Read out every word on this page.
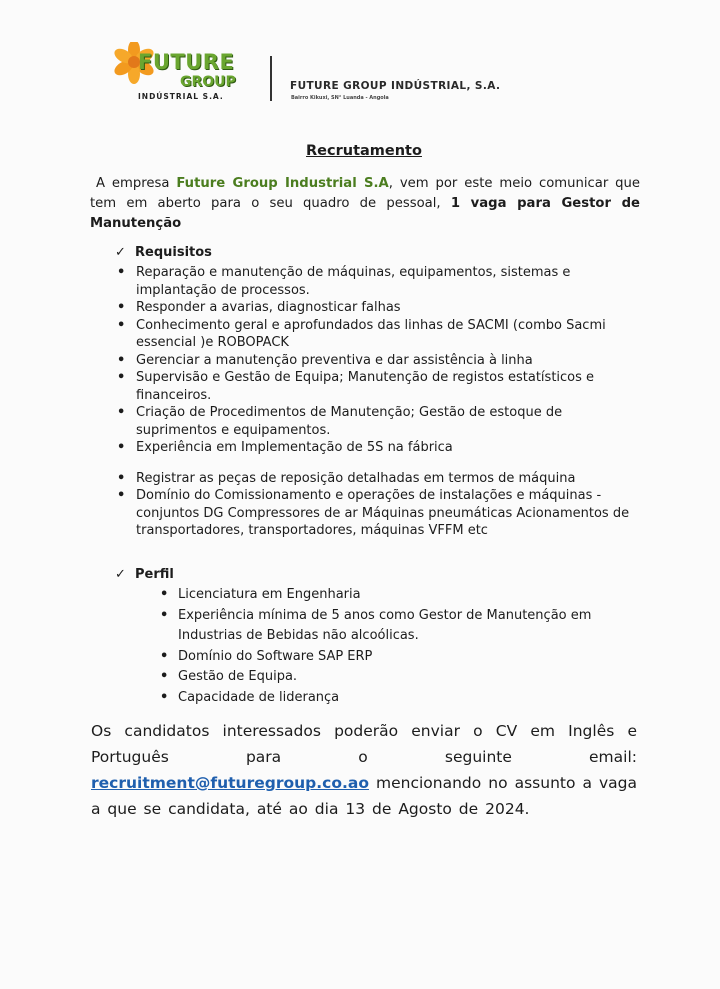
FUTURE
GROUP
INDÚSTRIAL S.A.
FUTURE GROUP INDÚSTRIAL, S.A.
Bairro Kikuxi, SN° Luanda - Angola
Recrutamento

A empresa Future Group Industrial S.A, vem por este meio comunicar que tem em aberto para o seu quadro de pessoal, 1 vaga para Gestor de Manutenção

✓ Requisitos
• Reparação e manutenção de máquinas, equipamentos, sistemas e implantação de processos.
• Responder a avarias, diagnosticar falhas
• Conhecimento geral e aprofundados das linhas de SACMI (combo Sacmi essencial )e ROBOPACK
• Gerenciar a manutenção preventiva e dar assistência à linha
• Supervisão e Gestão de Equipa; Manutenção de registos estatísticos e financeiros.
• Criação de Procedimentos de Manutenção; Gestão de estoque de suprimentos e equipamentos.
• Experiência em Implementação de 5S na fábrica
• Registrar as peças de reposição detalhadas em termos de máquina
• Domínio do Comissionamento e operações de instalações e máquinas - conjuntos DG Compressores de ar Máquinas pneumáticas Acionamentos de transportadores, transportadores, máquinas VFFM etc
✓ Perfil
• Licenciatura em Engenharia
• Experiência mínima de 5 anos como Gestor de Manutenção em Industrias de Bebidas não alcoólicas.
• Domínio do Software SAP ERP
• Gestão de Equipa.
• Capacidade de liderança

Os candidatos interessados poderão enviar o CV em Inglês e Português para o seguinte email: recruitment@futuregroup.co.ao mencionando no assunto a vaga a que se candidata, até ao dia 13 de Agosto de 2024.
